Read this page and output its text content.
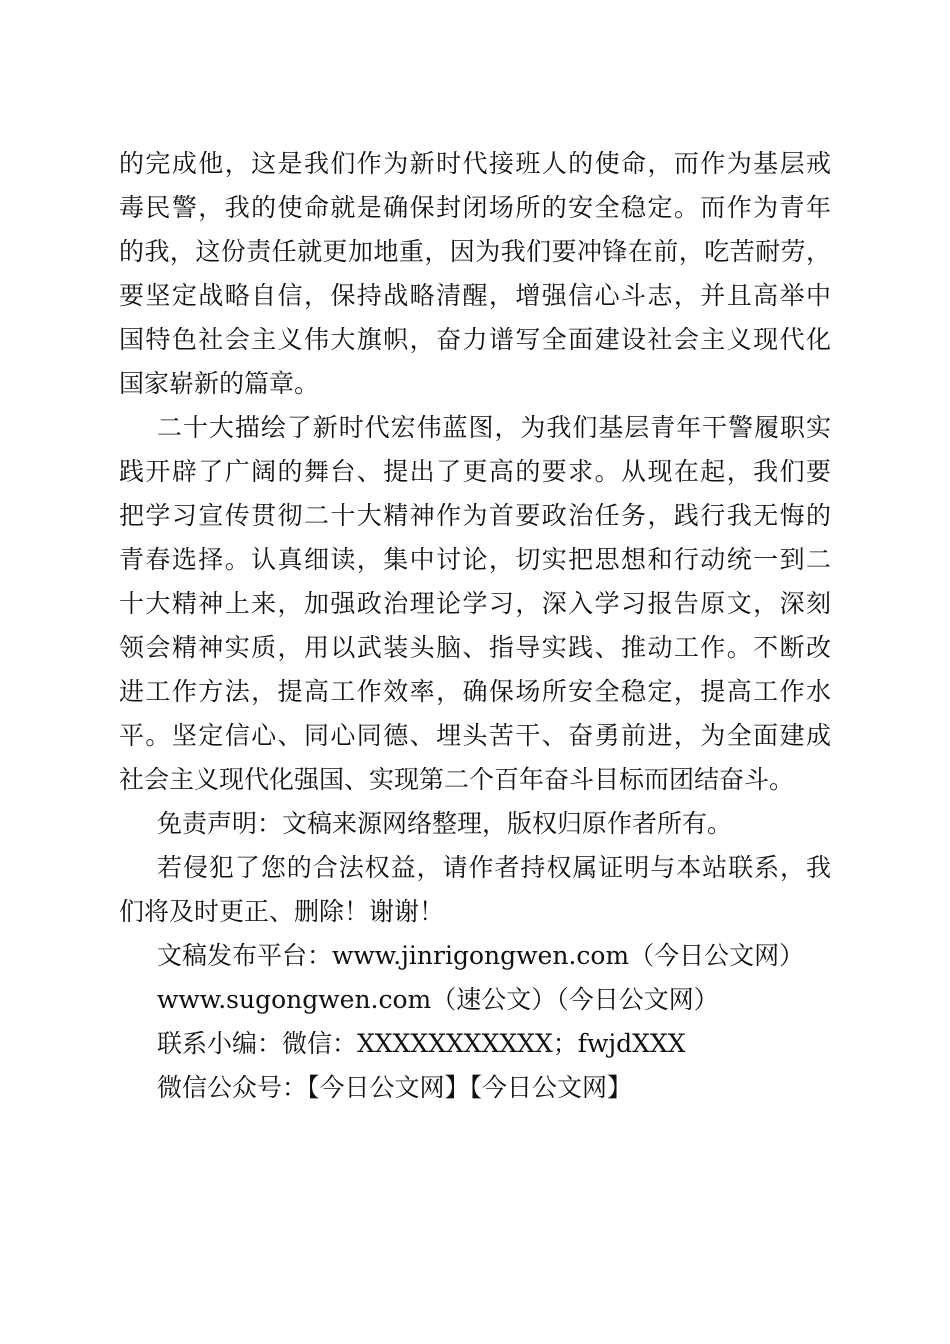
的完成他，这是我们作为新时代接班人的使命，而作为基层戒
毒民警，我的使命就是确保封闭场所的安全稳定。而作为青年
的我，这份责任就更加地重，因为我们要冲锋在前，吃苦耐劳，
要坚定战略自信，保持战略清醒，增强信心斗志，并且高举中
国特色社会主义伟大旗帜，奋力谱写全面建设社会主义现代化
国家崭新的篇章。
二十大描绘了新时代宏伟蓝图，为我们基层青年干警履职实
践开辟了广阔的舞台、提出了更高的要求。从现在起，我们要
把学习宣传贯彻二十大精神作为首要政治任务，践行我无悔的
青春选择。认真细读，集中讨论，切实把思想和行动统一到二
十大精神上来，加强政治理论学习，深入学习报告原文，深刻
领会精神实质，用以武装头脑、指导实践、推动工作。不断改
进工作方法，提高工作效率，确保场所安全稳定，提高工作水
平。坚定信心、同心同德、埋头苦干、奋勇前进，为全面建成
社会主义现代化强国、实现第二个百年奋斗目标而团结奋斗。
免责声明：文稿来源网络整理，版权归原作者所有。
若侵犯了您的合法权益，请作者持权属证明与本站联系，我
们将及时更正、删除！谢谢！
文稿发布平台：www.jinrigongwen.com（今日公文网）
www.sugongwen.com（速公文）（今日公文网）
联系小编：微信：XXXXXXXXXXX；fwjdXXX
微信公众号：【今日公文网】【今日公文网】
